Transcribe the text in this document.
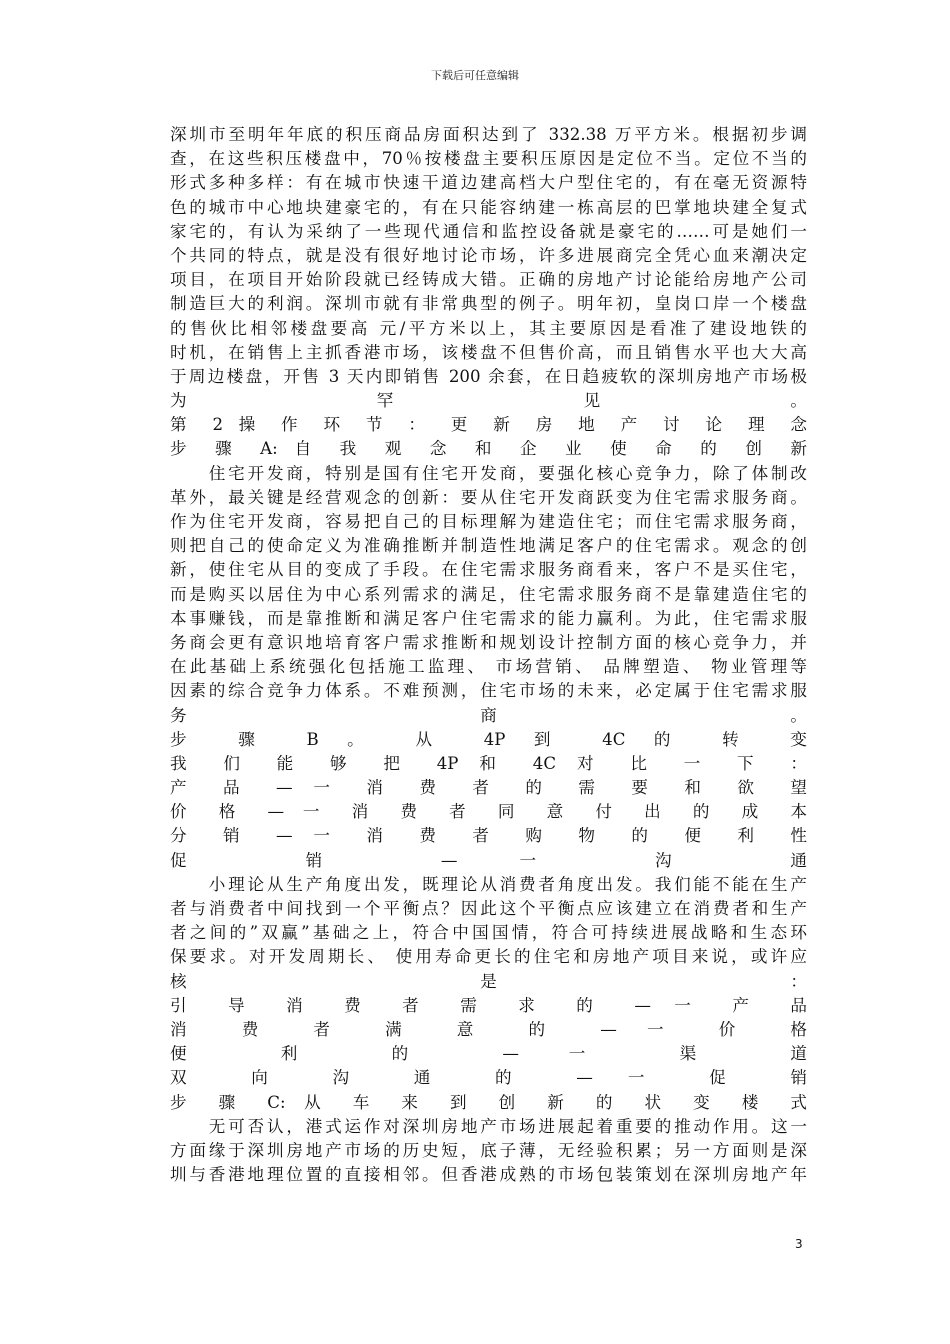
下载后可任意编辑
深圳市至明年年底的积压商品房面积达到了 332.38 万平方米。根据初步调
查，在这些积压楼盘中，70％按楼盘主要积压原因是定位不当。定位不当的
形式多种多样：有在城市快速干道边建高档大户型住宅的，有在毫无资源特
色的城市中心地块建豪宅的，有在只能容纳建一栋高层的巴掌地块建全复式
家宅的，有认为采纳了一些现代通信和监控设备就是豪宅的……可是她们一
个共同的特点，就是没有很好地讨论市场，许多进展商完全凭心血来潮决定
项目，在项目开始阶段就已经铸成大错。正确的房地产讨论能给房地产公司
制造巨大的利润。深圳市就有非常典型的例子。明年初，皇岗口岸一个楼盘
的售伙比相邻楼盘要高 元/平方米以上，其主要原因是看准了建设地铁的
时机，在销售上主抓香港市场，该楼盘不但售价高，而且销售水平也大大高
于周边楼盘，开售 3 天内即销售 200 余套，在日趋疲软的深圳房地产市场极
为 罕 见 。
第 2 操 作 环 节 ： 更 新 房 地 产 讨 论 理 念
步 骤 A: 自 我 观 念 和 企 业 使 命 的 创 新
　　住宅开发商，特别是国有住宅开发商，要强化核心竞争力，除了体制改
革外，最关键是经营观念的创新：要从住宅开发商跃变为住宅需求服务商。
作为住宅开发商，容易把自己的目标理解为建造住宅；而住宅需求服务商，
则把自己的使命定义为准确推断并制造性地满足客户的住宅需求。观念的创
新，使住宅从目的变成了手段。在住宅需求服务商看来，客户不是买住宅，
而是购买以居住为中心系列需求的满足，住宅需求服务商不是靠建造住宅的
本事赚钱，而是靠推断和满足客户住宅需求的能力赢利。为此，住宅需求服
务商会更有意识地培育客户需求推断和规划设计控制方面的核心竞争力，并
在此基础上系统强化包括施工监理、 市场营销、 品牌塑造、 物业管理等
因素的综合竞争力体系。不难预测，住宅市场的未来，必定属于住宅需求服
务 商 。
步 骤 B 。 从 4P 到 4C 的 转 变
我 们 能 够 把 4P 和 4C 对 比 一 下 ：
产 品 — 一 消 费 者 的 需 要 和 欲 望
价 格 — 一 消 费 者 同 意 付 出 的 成 本
分 销 — 一 消 费 者 购 物 的 便 利 性
促 销 — 一 沟 通
　　小理论从生产角度出发，既理论从消费者角度出发。我们能不能在生产
者与消费者中间找到一个平衡点？因此这个平衡点应该建立在消费者和生产
者之间的”双赢”基础之上，符合中国国情，符合可持续进展战略和生态环
保要求。对开发周期长、 使用寿命更长的住宅和房地产项目来说，或许应
核 是 ：
引 导 消 费 者 需 求 的 — 一 产 品
消 费 者 满 意 的 — 一 价 格
便 利 的 — 一 渠 道
双 向 沟 通 的 — 一 促 销
步 骤 C: 从 车 来 到 创 新 的 状 变 楼 式
　　无可否认，港式运作对深圳房地产市场进展起着重要的推动作用。这一
方面缘于深圳房地产市场的历史短，底子薄，无经验积累；另一方面则是深
圳与香港地理位置的直接相邻。但香港成熟的市场包装策划在深圳房地产年
3
